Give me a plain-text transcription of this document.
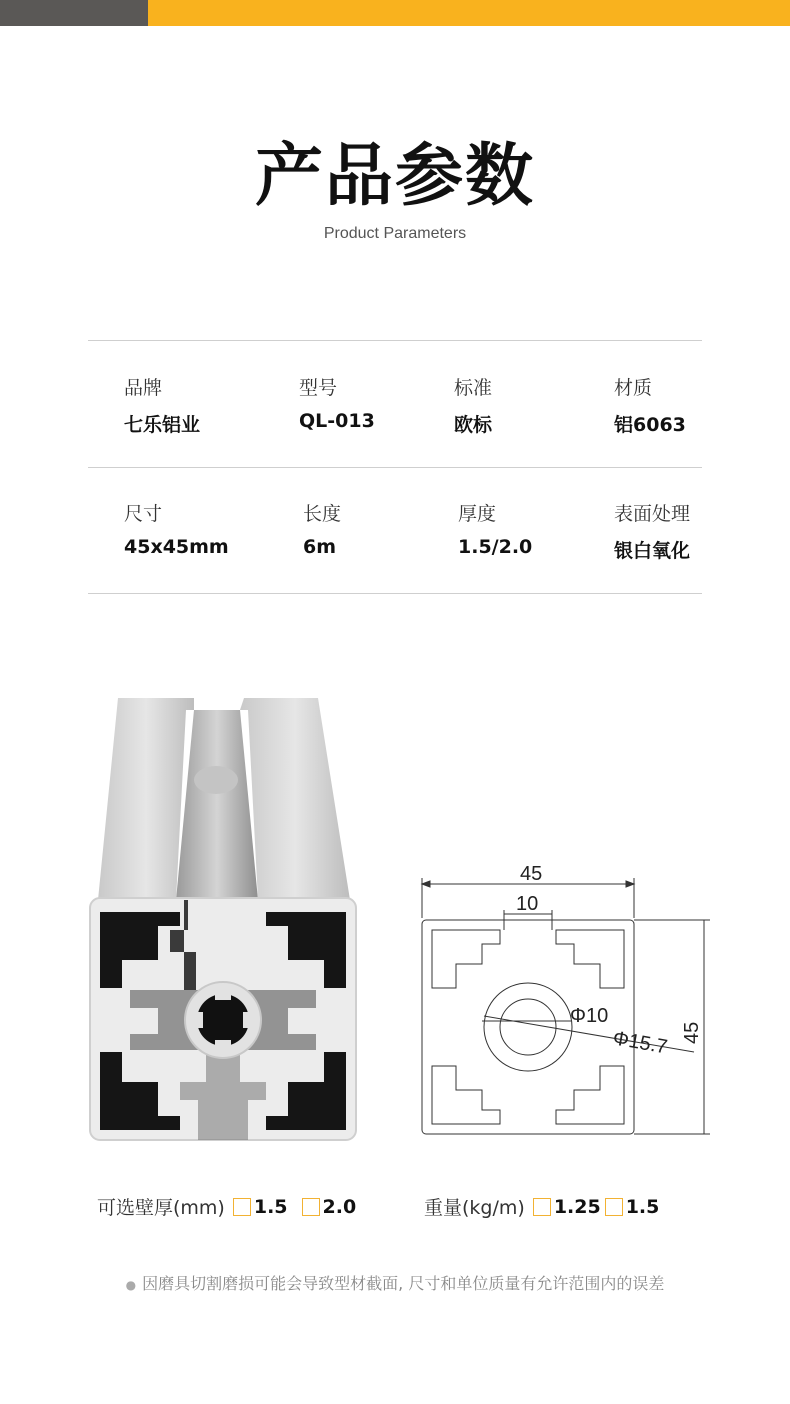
产品参数
Product Parameters
品牌
七乐铝业
型号
QL-013
标准
欧标
材质
铝6063
尺寸
45x45mm
长度
6m
厚度
1.5/2.0
表面处理
银白氧化
45
10
Φ10
Φ15.7 45
可选壁厚(mm) 1.5 2.0	重量(kg/m) 1.25 1.5
● 因磨具切割磨损可能会导致型材截面, 尺寸和单位质量有允许范围内的误差
